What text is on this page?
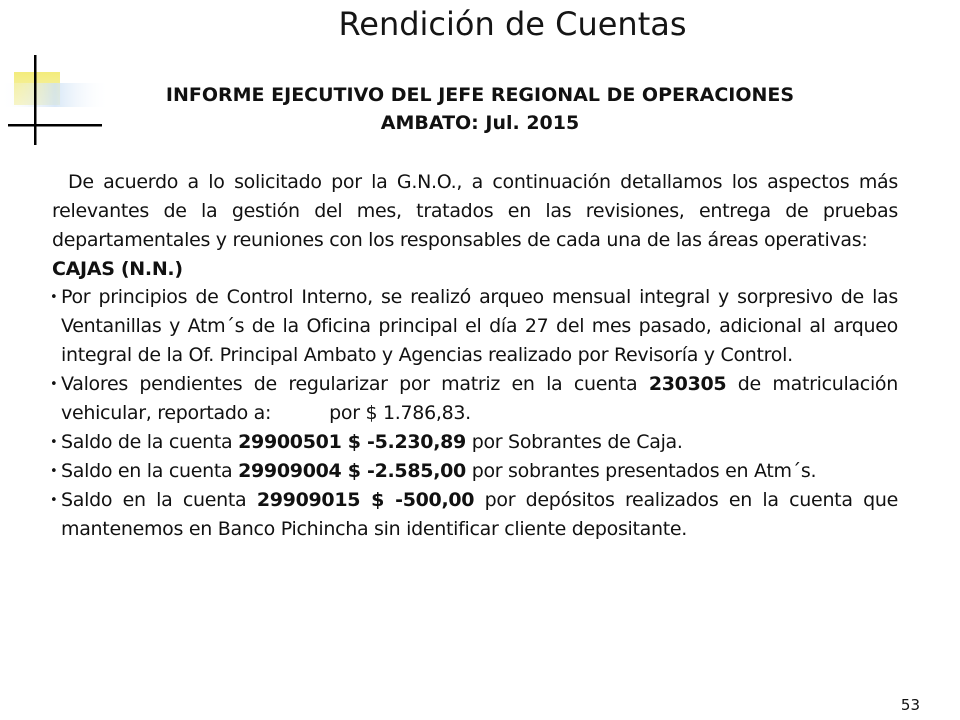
Rendición de Cuentas
INFORME EJECUTIVO DEL JEFE REGIONAL DE OPERACIONES
AMBATO: Jul. 2015

De acuerdo a lo solicitado por la G.N.O., a continuación detallamos los aspectos más relevantes de la gestión del mes, tratados en las revisiones, entrega de pruebas departamentales y reuniones con los responsables de cada una de las áreas operativas:

CAJAS (N.N.)

• Por principios de Control Interno, se realizó arqueo mensual integral y sorpresivo de las Ventanillas y Atm´s de la Oficina principal el día 27 del mes pasado, adicional al arqueo integral de la Of. Principal Ambato y Agencias realizado por Revisoría y Control.
• Valores pendientes de regularizar por matriz en la cuenta 230305 de matriculación vehicular, reportado a:	por $ 1.786,83.
• Saldo de la cuenta 29900501 $ -5.230,89 por Sobrantes de Caja.
• Saldo en la cuenta 29909004 $ -2.585,00 por sobrantes presentados en Atm´s.
• Saldo en la cuenta 29909015 $ -500,00 por depósitos realizados en la cuenta que mantenemos en Banco Pichincha sin identificar cliente depositante.
53
